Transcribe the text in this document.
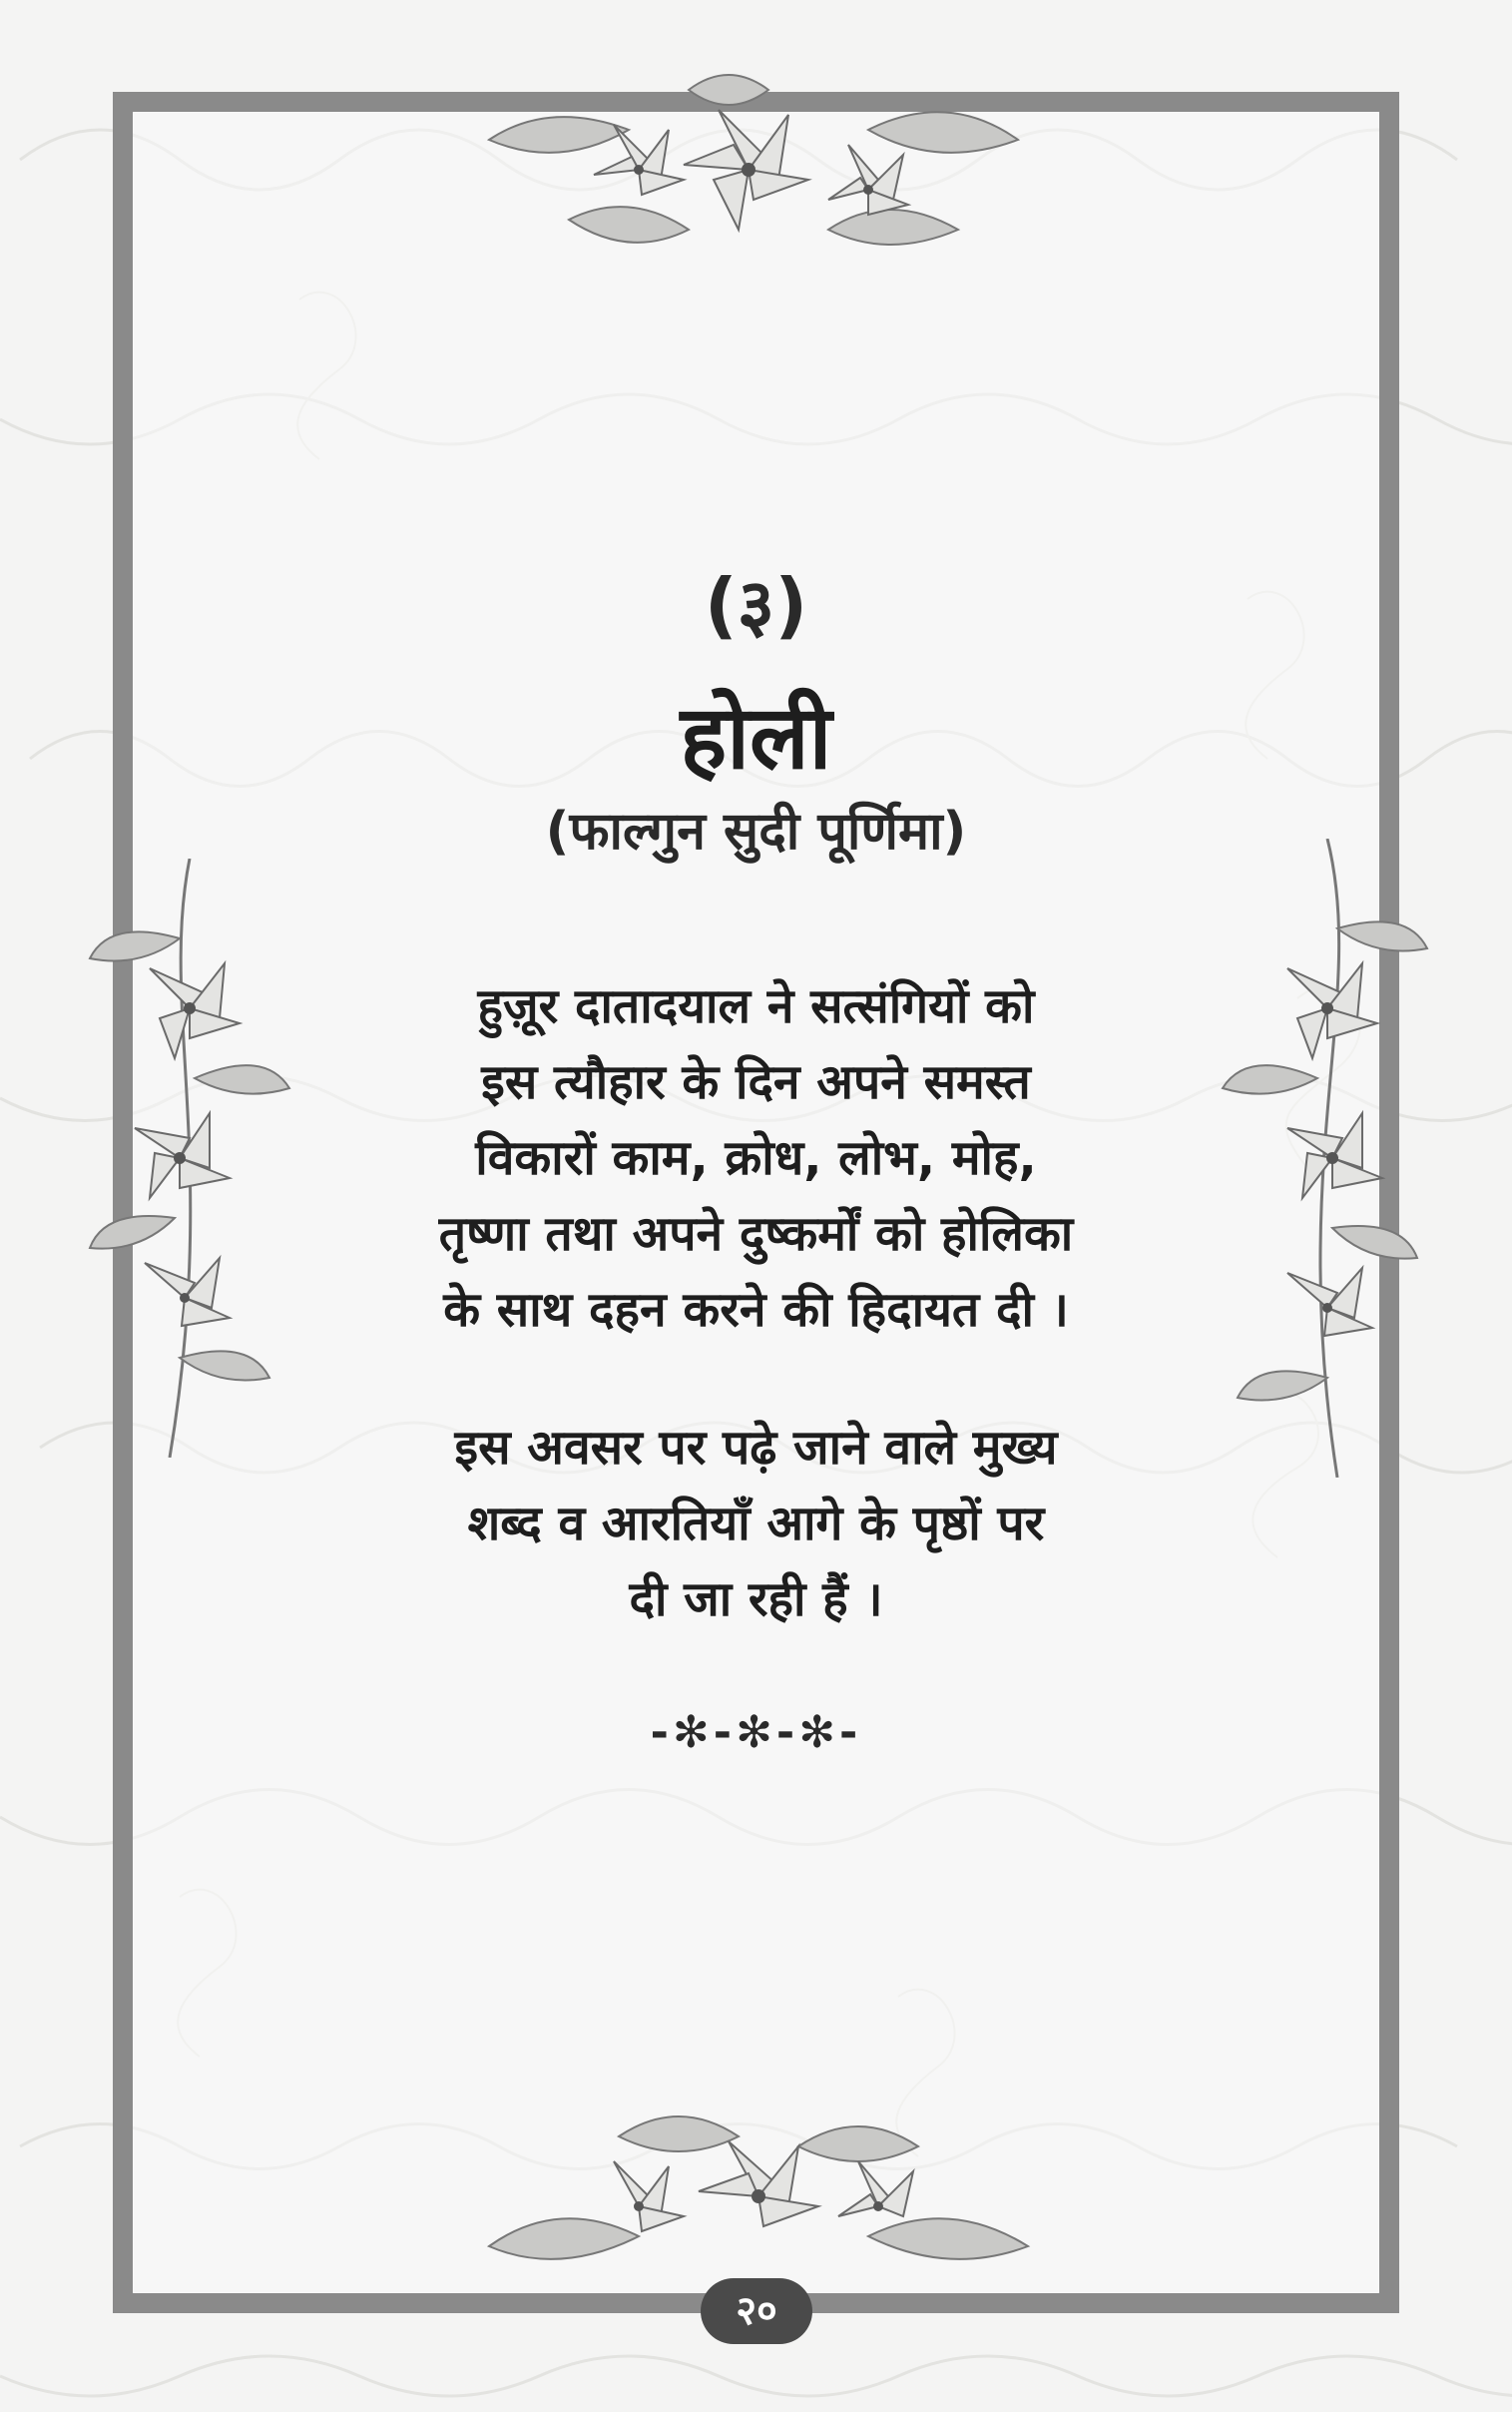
(३)
होली
(फाल्गुन सुदी पूर्णिमा)
हुज़ूर दातादयाल ने सत्संगियों को
इस त्यौहार के दिन अपने समस्त
विकारों काम, क्रोध, लोभ, मोह,
तृष्णा तथा अपने दुष्कर्मों को होलिका
के साथ दहन करने की हिदायत दी ।
इस अवसर पर पढ़े जाने वाले मुख्य
शब्द व आरतियाँ आगे के पृष्ठों पर
दी जा रही हैं ।
-✻-✻-✻-
२०
